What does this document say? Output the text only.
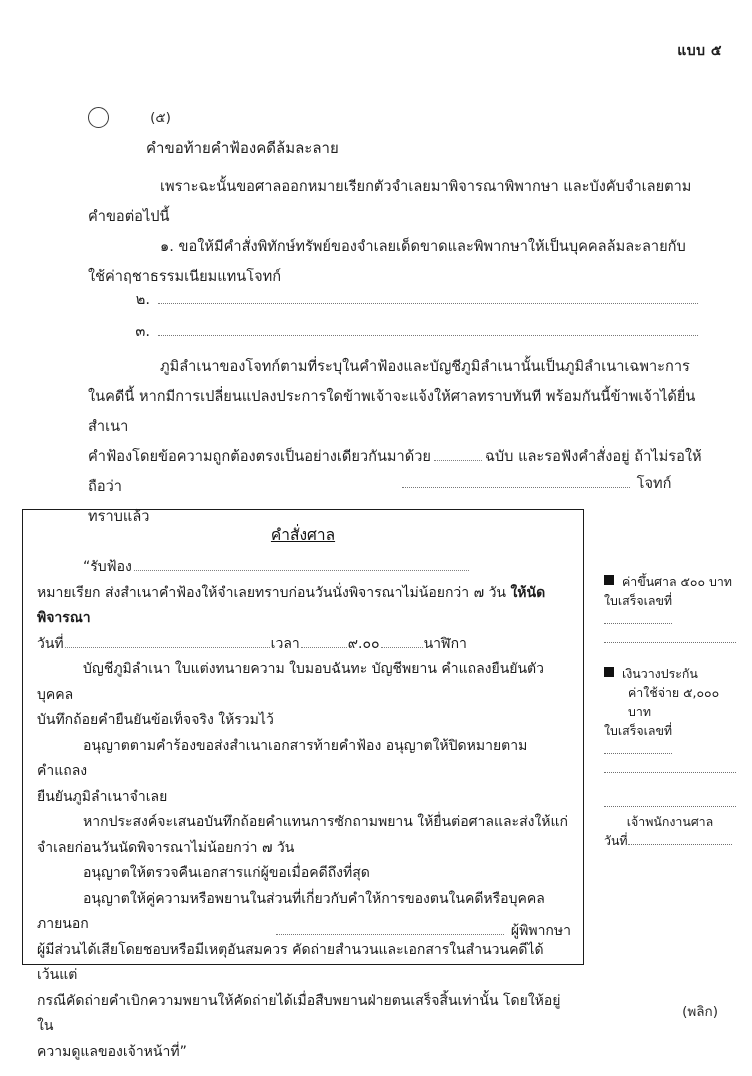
แบบ ๕
(๕)
คำขอท้ายคำฟ้องคดีล้มละลาย
เพราะฉะนั้นขอศาลออกหมายเรียกตัวจำเลยมาพิจารณาพิพากษา และบังคับจำเลยตาม
คำขอต่อไปนี้
๑. ขอให้มีคำสั่งพิทักษ์ทรัพย์ของจำเลยเด็ดขาดและพิพากษาให้เป็นบุคคลล้มละลายกับ
ใช้ค่าฤชาธรรมเนียมแทนโจทก์
๒.
๓.
ภูมิลำเนาของโจทก์ตามที่ระบุในคำฟ้องและบัญชีภูมิลำเนานั้นเป็นภูมิลำเนาเฉพาะการ
ในคดีนี้ หากมีการเปลี่ยนแปลงประการใดข้าพเจ้าจะแจ้งให้ศาลทราบทันที พร้อมกันนี้ข้าพเจ้าได้ยื่นสำเนา
คำฟ้องโดยข้อความถูกต้องตรงเป็นอย่างเดียวกันมาด้วย	ฉบับ และรอฟังคำสั่งอยู่ ถ้าไม่รอให้ถือว่า
ทราบแล้ว
โจทก์
คำสั่งศาล
“รับฟ้อง
หมายเรียก ส่งสำเนาคำฟ้องให้จำเลยทราบก่อนวันนั่งพิจารณาไม่น้อยกว่า ๗ วัน ให้นัดพิจารณา
วันที่	เวลา	๙.๐๐	นาฬิกา
บัญชีภูมิลำเนา ใบแต่งทนายความ ใบมอบฉันทะ บัญชีพยาน คำแถลงยืนยันตัวบุคคล
บันทึกถ้อยคำยืนยันข้อเท็จจริง ให้รวมไว้
อนุญาตตามคำร้องขอส่งสำเนาเอกสารท้ายคำฟ้อง อนุญาตให้ปิดหมายตามคำแถลง
ยืนยันภูมิลำเนาจำเลย
หากประสงค์จะเสนอบันทึกถ้อยคำแทนการซักถามพยาน ให้ยื่นต่อศาลและส่งให้แก่
จำเลยก่อนวันนัดพิจารณาไม่น้อยกว่า ๗ วัน
อนุญาตให้ตรวจคืนเอกสารแก่ผู้ขอเมื่อคดีถึงที่สุด
อนุญาตให้คู่ความหรือพยานในส่วนที่เกี่ยวกับคำให้การของตนในคดีหรือบุคคลภายนอก
ผู้มีส่วนได้เสียโดยชอบหรือมีเหตุอันสมควร คัดถ่ายสำนวนและเอกสารในสำนวนคดีได้ เว้นแต่
กรณีคัดถ่ายคำเบิกความพยานให้คัดถ่ายได้เมื่อสืบพยานฝ่ายตนเสร็จสิ้นเท่านั้น โดยให้อยู่ใน
ความดูแลของเจ้าหน้าที่”
ผู้พิพากษา
ค่าขึ้นศาล ๕๐๐ บาท
ใบเสร็จเลขที่

เงินวางประกัน
ค่าใช้จ่าย ๕,๐๐๐ บาท
ใบเสร็จเลขที่

เจ้าพนักงานศาล
วันที่
(พลิก)
